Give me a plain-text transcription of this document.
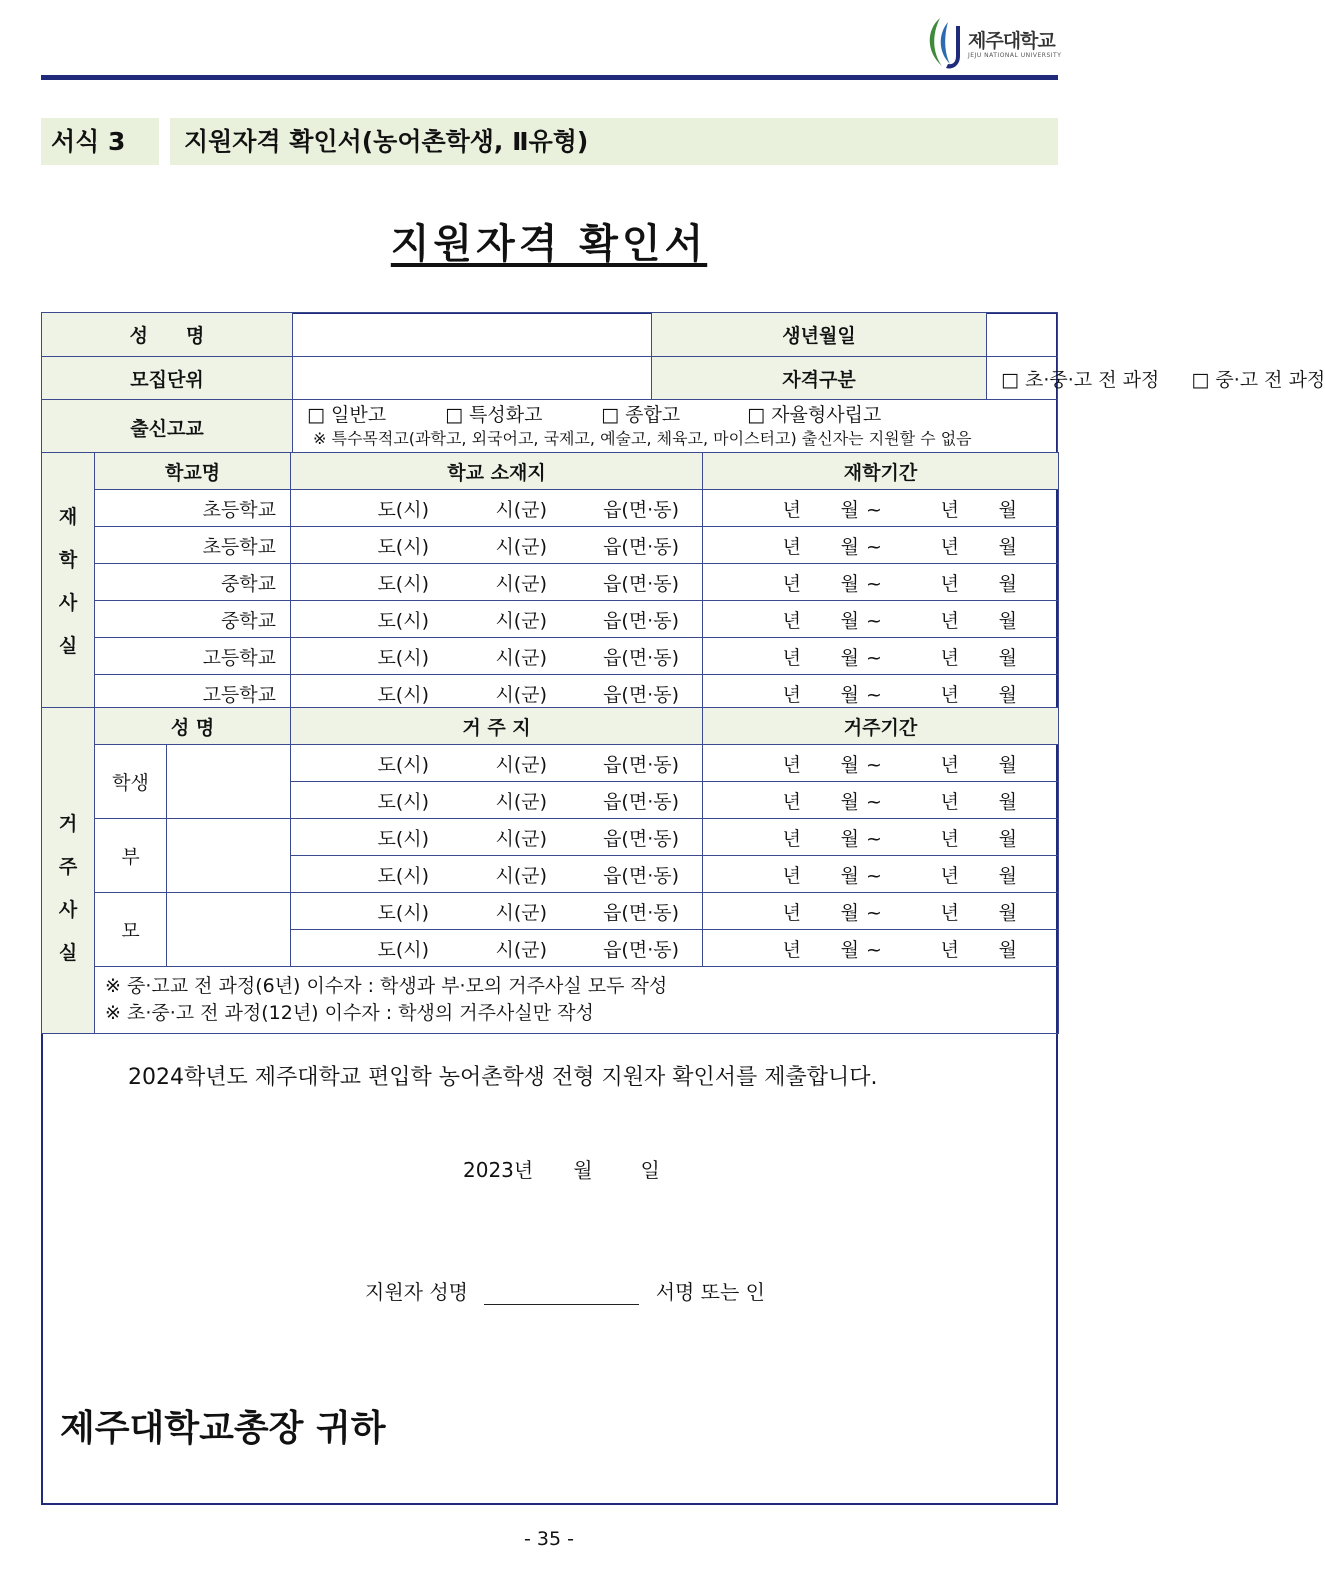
제주대학교
JEJU NATIONAL UNIVERSITY
서식 3	지원자격 확인서(농어촌학생, Ⅱ유형)
지원자격 확인서
성　　명		생년월일	
모집단위		자격구분	□ 초·중·고 전 과정 □ 중·고 전 과정
출신고교	□ 일반고 □ 특성화고 □ 종합고 □ 자율형사립고
※ 특수목적고(과학고, 외국어고, 국제고, 예술고, 체육고, 마이스터고) 출신자는 지원할 수 없음		
재
학
사
실	학교명	학교 소재지	재학기간
	초등학교	도(시) 시(군) 읍(면·동)	년 월 ~ 년 월
	초등학교	도(시) 시(군) 읍(면·동)	년 월 ~ 년 월
	중학교	도(시) 시(군) 읍(면·동)	년 월 ~ 년 월
	중학교	도(시) 시(군) 읍(면·동)	년 월 ~ 년 월
	고등학교	도(시) 시(군) 읍(면·동)	년 월 ~ 년 월
	고등학교	도(시) 시(군) 읍(면·동)	년 월 ~ 년 월
거
주
사
실	성 명		거 주 지	거주기간
	학생		도(시) 시(군) 읍(면·동)	년 월 ~ 년 월
			도(시) 시(군) 읍(면·동)	년 월 ~ 년 월
	부		도(시) 시(군) 읍(면·동)	년 월 ~ 년 월
			도(시) 시(군) 읍(면·동)	년 월 ~ 년 월
	모		도(시) 시(군) 읍(면·동)	년 월 ~ 년 월
			도(시) 시(군) 읍(면·동)	년 월 ~ 년 월

	※ 중·고교 전 과정(6년) 이수자 : 학생과 부·모의 거주사실 모두 작성
※ 초·중·고 전 과정(12년) 이수자 : 학생의 거주사실만 작성			
2024학년도 제주대학교 편입학 농어촌학생 전형 지원자 확인서를 제출합니다.
2023년 월 일
지원자 성명	서명 또는 인
제주대학교총장 귀하
- 35 -
